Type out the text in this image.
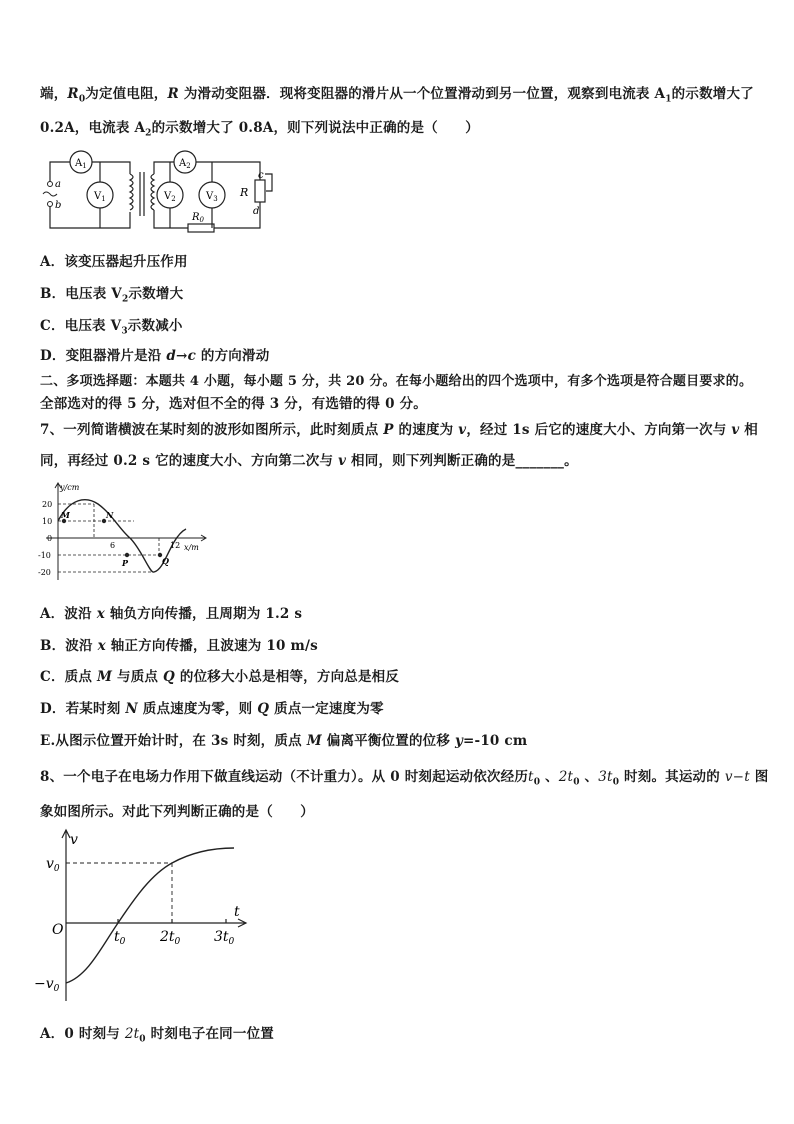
端，$R_0$为定值电阻，R 为滑动变阻器．现将变阻器的滑片从一个位置滑动到另一位置，观察到电流表 $A_1$的示数增大了
0.2A，电流表 $A_2$的示数增大了 0.8A，则下列说法中正确的是（　　）
a
b
$A_1$
$V_1$
$A_2$
$V_2$	$V_3$ R
c
d
$R_0$
A．该变压器起升压作用
B．电压表 $V_2$示数增大
C．电压表 $V_3$示数减小
D．变阻器滑片是沿 d→c 的方向滑动
二、多项选择题：本题共 4 小题，每小题 5 分，共 20 分。在每小题给出的四个选项中，有多个选项是符合题目要求的。
全部选对的得 5 分，选对但不全的得 3 分，有选错的得 0 分。
7、一列简谐横波在某时刻的波形如图所示，此时刻质点 P 的速度为 v，经过 1s 后它的速度大小、方向第一次与 v 相
同，再经过 0.2 s 它的速度大小、方向第二次与 v 相同，则下列判断正确的是_______。
y/cm
x/m
20
10
0
-10
-20
6	12
M	N
P	Q
A．波沿 x 轴负方向传播，且周期为 1.2 s
B．波沿 x 轴正方向传播，且波速为 10 m/s
C．质点 M 与质点 Q 的位移大小总是相等，方向总是相反
D．若某时刻 N 质点速度为零，则 Q 质点一定速度为零
E.从图示位置开始计时，在 3s 时刻，质点 M 偏离平衡位置的位移 y=-10 cm
8、一个电子在电场力作用下做直线运动（不计重力）。从 0 时刻起运动依次经历$t_0$ 、$2t_0$ 、$3t_0$ 时刻。其运动的 v−t 图
象如图所示。对此下列判断正确的是（　　）
v
t
O
$v_0$
$-v_0$
$t_0$ $2t_0$ $3t_0$
A．0 时刻与 $2t_0$ 时刻电子在同一位置
